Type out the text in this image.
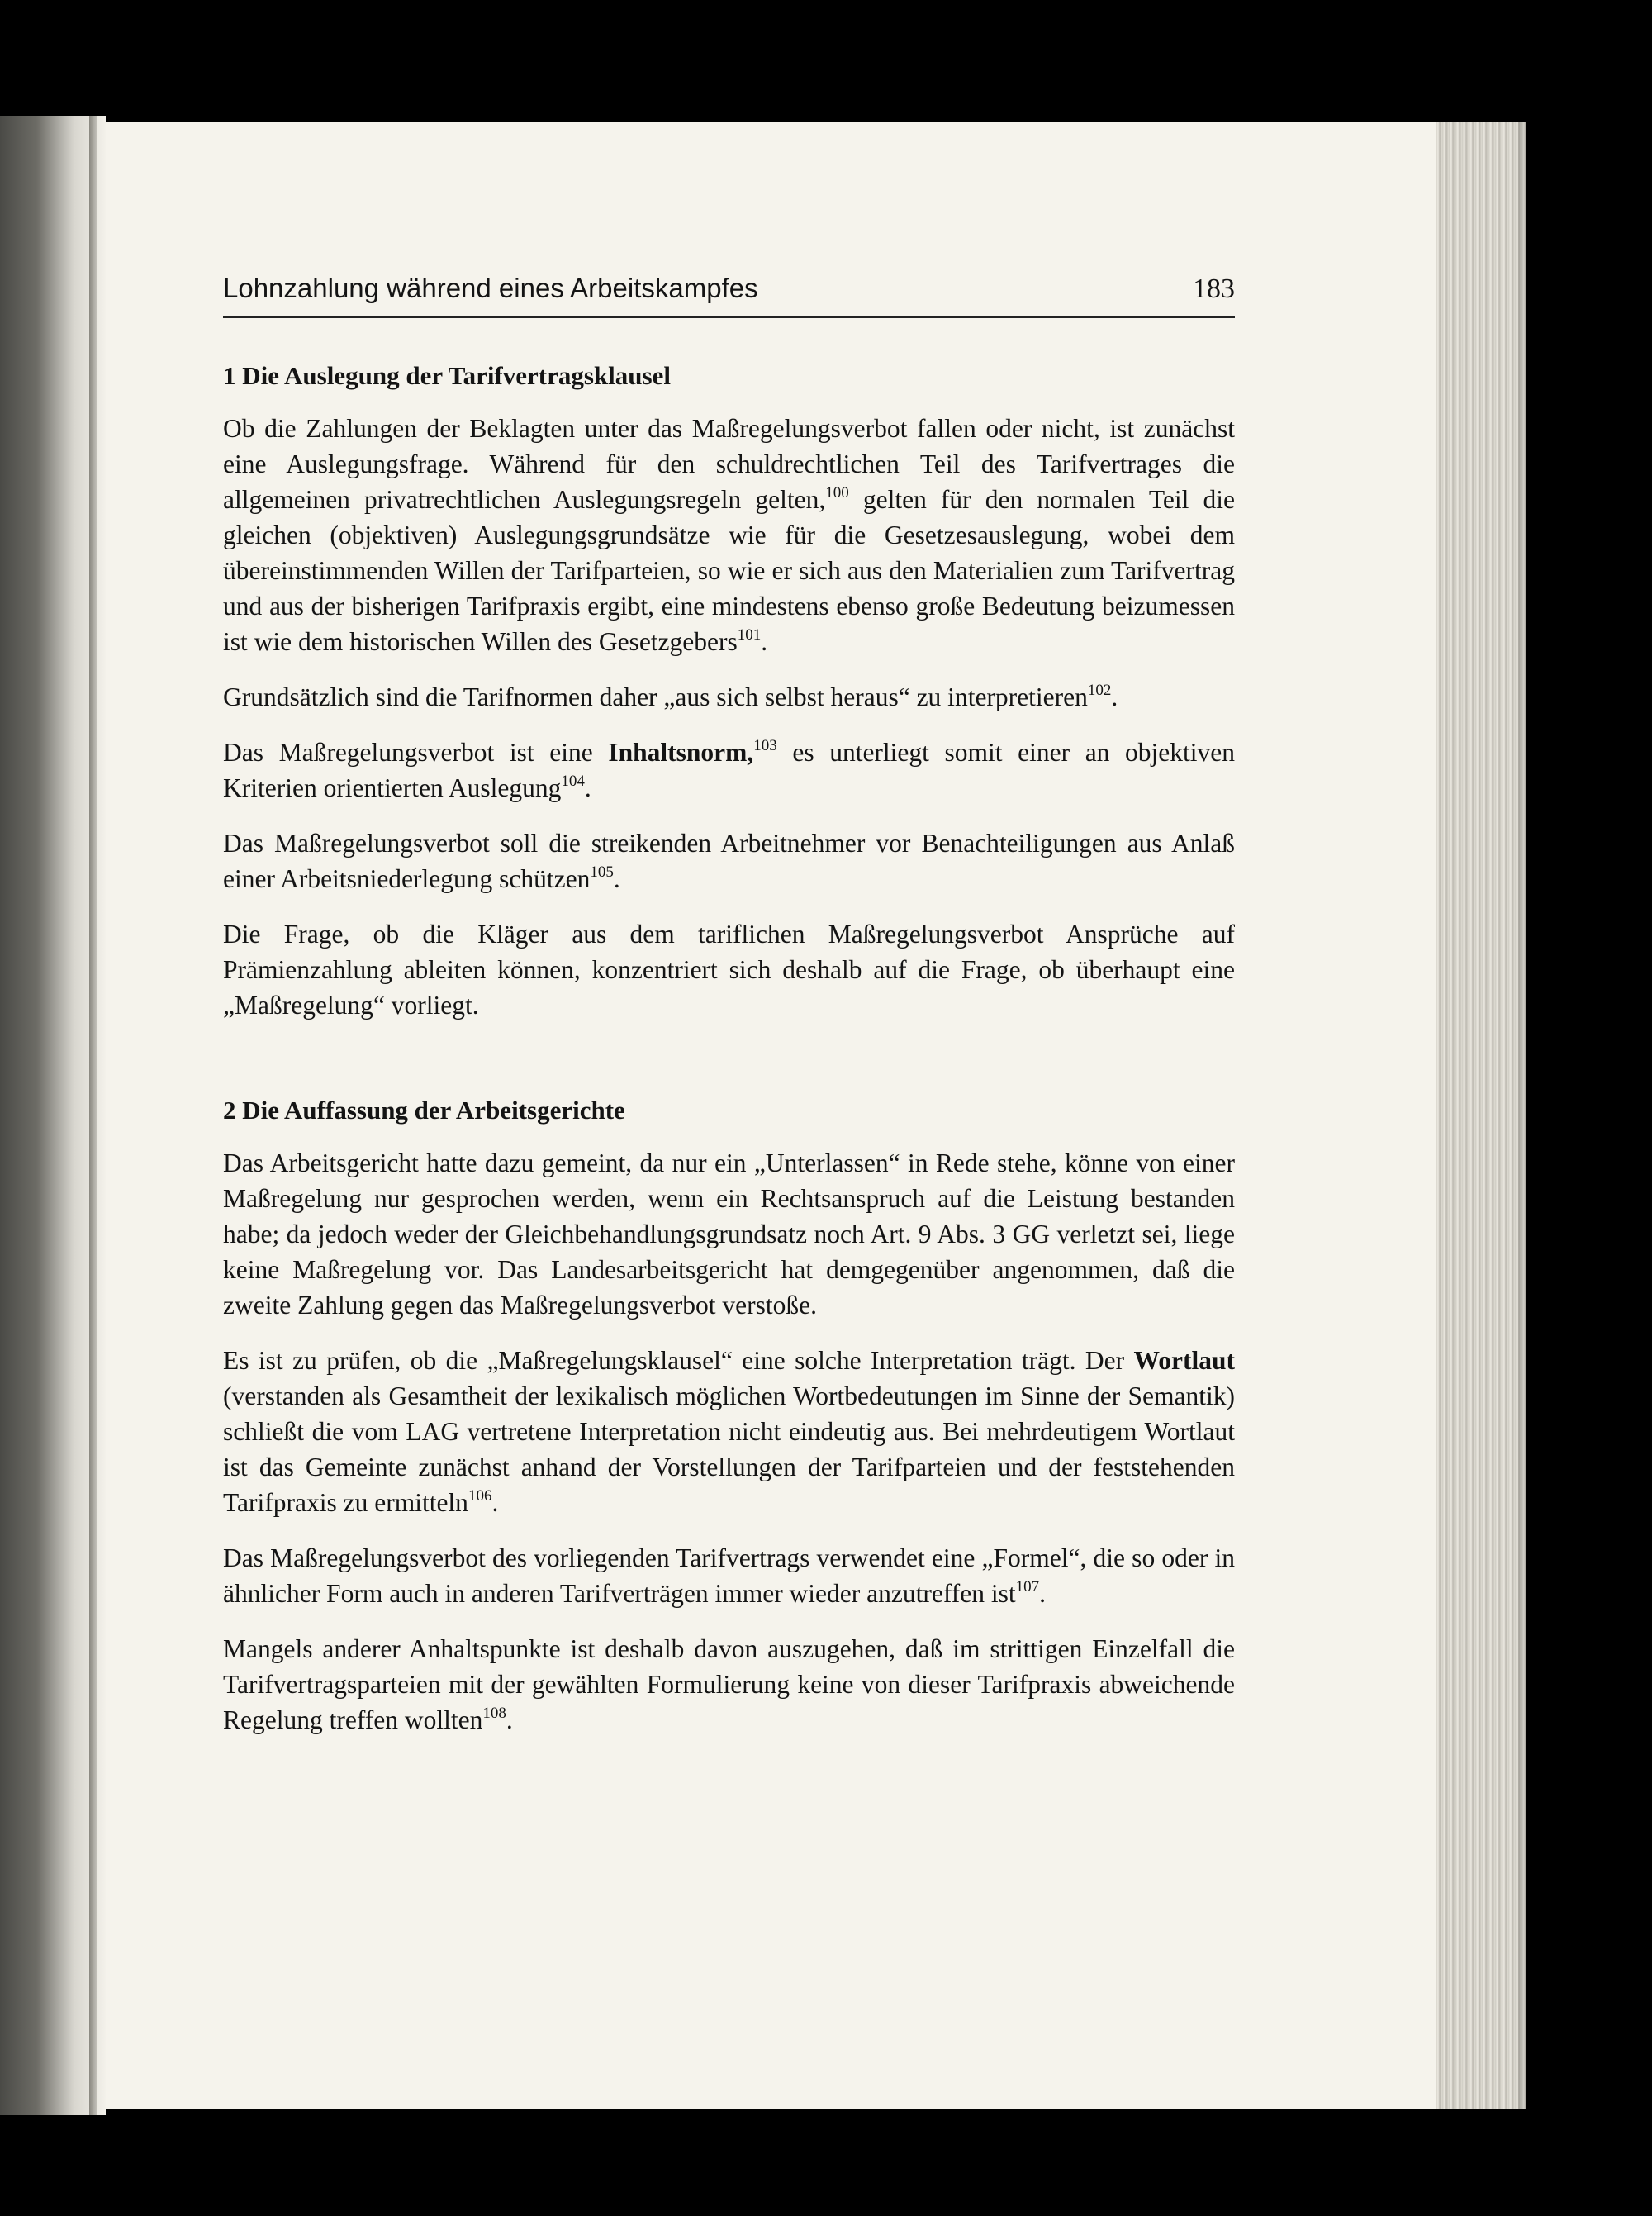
Lohnzahlung während eines Arbeitskampfes	183
1 Die Auslegung der Tarifvertragsklausel

Ob die Zahlungen der Beklagten unter das Maßregelungsverbot fallen oder nicht, ist zunächst eine Auslegungsfrage. Während für den schuldrechtlichen Teil des Tarifvertrages die allgemeinen privatrechtlichen Auslegungsregeln gelten,$^{100}$ gelten für den normalen Teil die gleichen (objektiven) Auslegungsgrundsätze wie für die Gesetzesauslegung, wobei dem übereinstimmenden Willen der Tarifparteien, so wie er sich aus den Materialien zum Tarifvertrag und aus der bisherigen Tarifpraxis ergibt, eine mindestens ebenso große Bedeutung beizumessen ist wie dem historischen Willen des Gesetzgebers$^{101}$.

Grundsätzlich sind die Tarifnormen daher „aus sich selbst heraus“ zu interpretieren$^{102}$.

Das Maßregelungsverbot ist eine Inhaltsnorm,$^{103}$ es unterliegt somit einer an objektiven Kriterien orientierten Auslegung$^{104}$.

Das Maßregelungsverbot soll die streikenden Arbeitnehmer vor Benachteiligungen aus Anlaß einer Arbeitsniederlegung schützen$^{105}$.

Die Frage, ob die Kläger aus dem tariflichen Maßregelungsverbot Ansprüche auf Prämienzahlung ableiten können, konzentriert sich deshalb auf die Frage, ob überhaupt eine „Maßregelung“ vorliegt.

2 Die Auffassung der Arbeitsgerichte

Das Arbeitsgericht hatte dazu gemeint, da nur ein „Unterlassen“ in Rede stehe, könne von einer Maßregelung nur gesprochen werden, wenn ein Rechtsanspruch auf die Leistung bestanden habe; da jedoch weder der Gleichbehandlungsgrundsatz noch Art. 9 Abs. 3 GG verletzt sei, liege keine Maßregelung vor. Das Landesarbeitsgericht hat demgegenüber angenommen, daß die zweite Zahlung gegen das Maßregelungsverbot verstoße.

Es ist zu prüfen, ob die „Maßregelungsklausel“ eine solche Interpretation trägt. Der Wortlaut (verstanden als Gesamtheit der lexikalisch möglichen Wortbedeutungen im Sinne der Semantik) schließt die vom LAG vertretene Interpretation nicht eindeutig aus. Bei mehrdeutigem Wortlaut ist das Gemeinte zunächst anhand der Vorstellungen der Tarifparteien und der feststehenden Tarifpraxis zu ermitteln$^{106}$.

Das Maßregelungsverbot des vorliegenden Tarifvertrags verwendet eine „Formel“, die so oder in ähnlicher Form auch in anderen Tarifverträgen immer wieder anzutreffen ist$^{107}$.

Mangels anderer Anhaltspunkte ist deshalb davon auszugehen, daß im strittigen Einzelfall die Tarifvertragsparteien mit der gewählten Formulierung keine von dieser Tarifpraxis abweichende Regelung treffen wollten$^{108}$.
